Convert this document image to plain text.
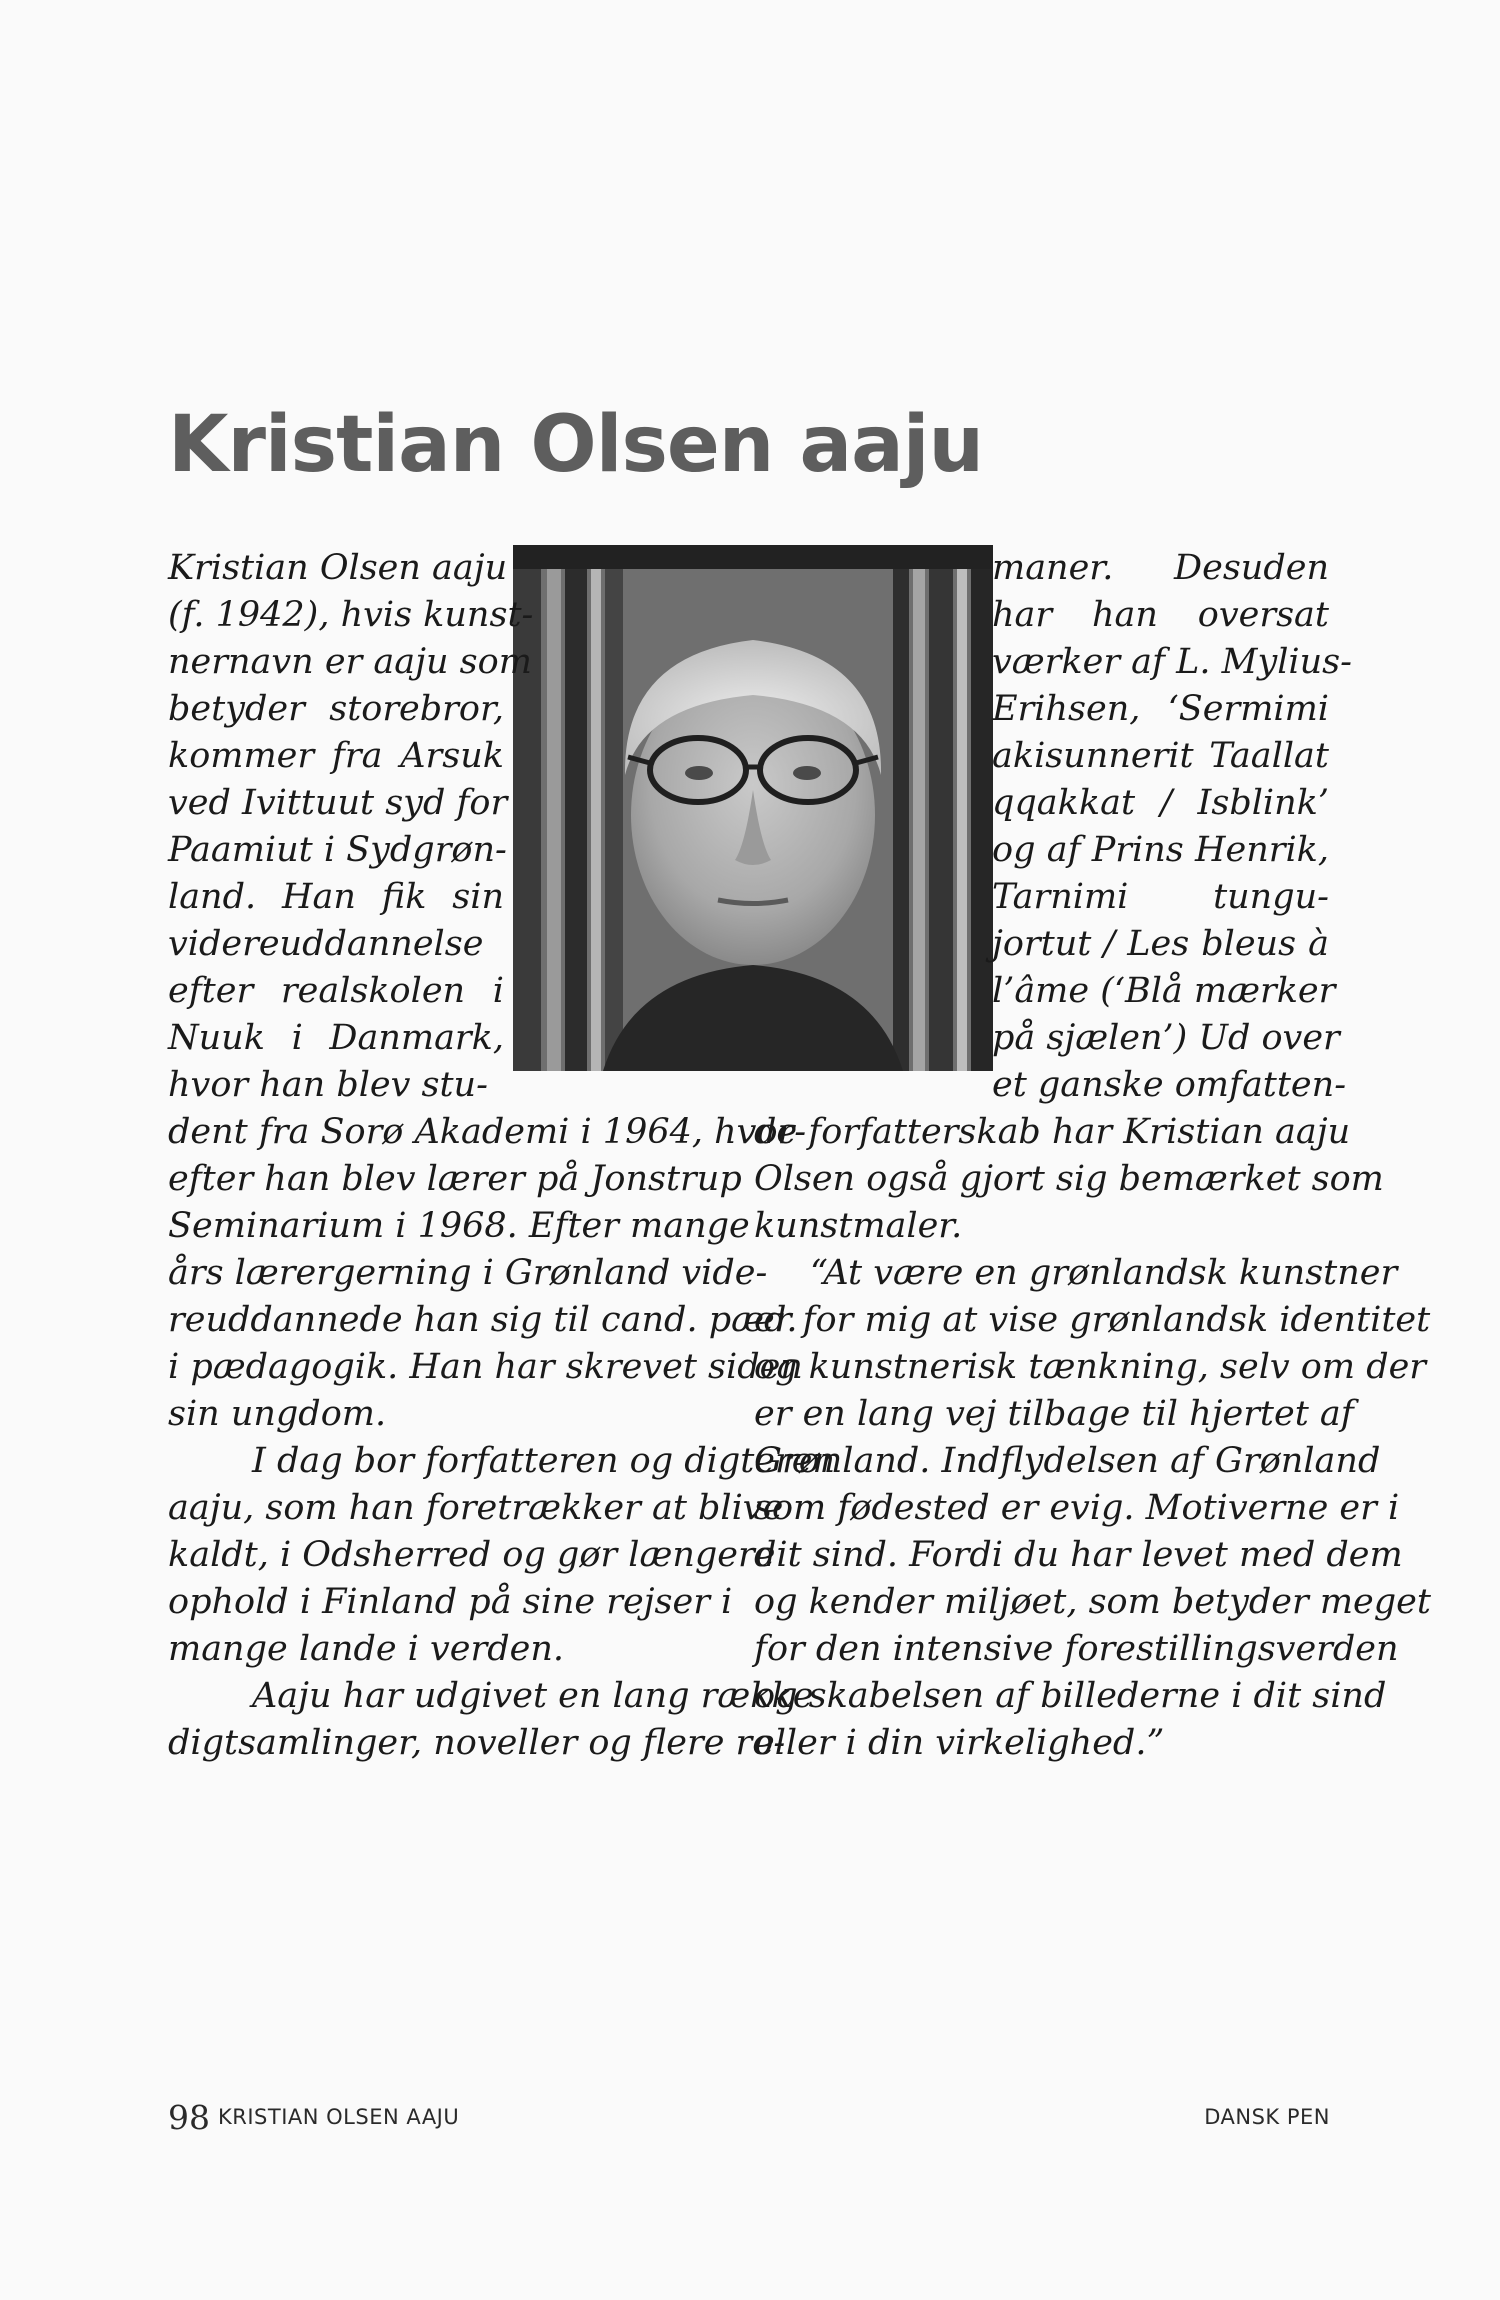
Kristian Olsen aaju
Kristian Olsen aaju
(f. 1942), hvis kunst-
nernavn er aaju som
betyder storebror,
kommer fra Arsuk
ved Ivittuut syd for
Paamiut i Sydgrøn-
land. Han fik sin
videreuddannelse
efter realskolen i
Nuuk i Danmark,
hvor han blev stu-
dent fra Sorø Akademi i 1964, hvor-
efter han blev lærer på Jonstrup
Seminarium i 1968. Efter mange
års lærergerning i Grønland vide-
reuddannede han sig til cand. pæd.
i pædagogik. Han har skrevet siden
sin ungdom.
I dag bor forfatteren og digteren
aaju, som han foretrækker at blive
kaldt, i Odsherred og gør længere
ophold i Finland på sine rejser i
mange lande i verden.
Aaju har udgivet en lang række
digtsamlinger, noveller og flere ro-
maner. Desuden
har han oversat
værker af L. Mylius-
Erihsen, ‘Sermimi
akisunnerit Taallat
qqakkat / Isblink’
og af Prins Henrik,
Tarnimi tungu-
jortut / Les bleus à
l’âme (‘Blå mærker
på sjælen’) Ud over
et ganske omfatten-
de forfatterskab har Kristian aaju
Olsen også gjort sig bemærket som
kunstmaler.
“At være en grønlandsk kunstner
er for mig at vise grønlandsk identitet
og kunstnerisk tænkning, selv om der
er en lang vej tilbage til hjertet af
Grønland. Indflydelsen af Grønland
som fødested er evig. Motiverne er i
dit sind. Fordi du har levet med dem
og kender miljøet, som betyder meget
for den intensive forestillingsverden
og skabelsen af billederne i dit sind
eller i din virkelighed.”
98 KRISTIAN OLSEN AAJU	DANSK PEN
